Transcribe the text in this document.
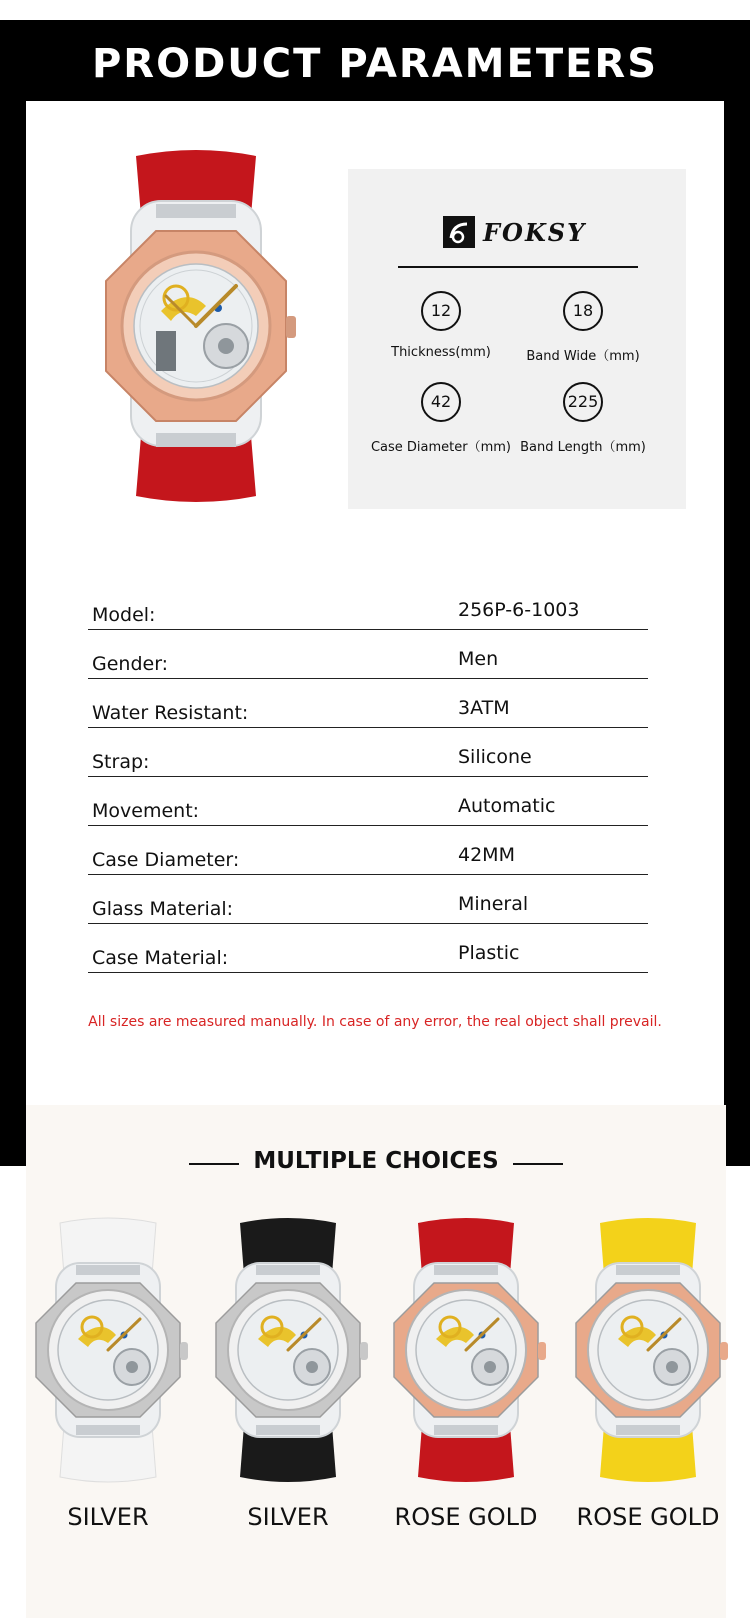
PRODUCT PARAMETERS
FOKSY
12
Thickness(mm)
18
Band Wide（mm)
42
Case Diameter（mm)
225
Band Length（mm)
Model:	256P-6-1003
Gender:	Men
Water Resistant:	3ATM
Strap:	Silicone
Movement:	Automatic
Case Diameter:	42MM
Glass Material:	Mineral
Case Material:	Plastic
All sizes are measured manually. In case of any error, the real object shall prevail.
MULTIPLE CHOICES
SILVER	SILVER	ROSE GOLD	ROSE GOLD
